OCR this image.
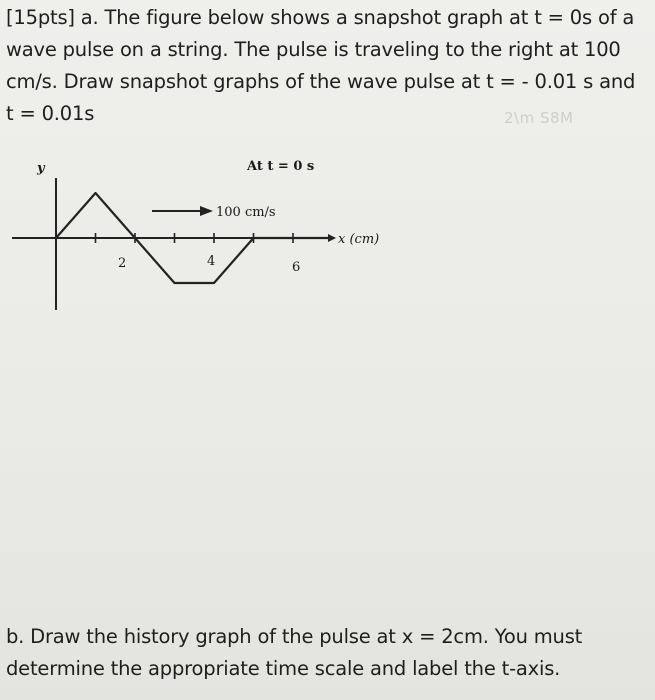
[15pts] a. The figure below shows a snapshot graph at t = 0s of a
wave pulse on a string. The pulse is traveling to the right at 100
cm/s. Draw snapshot graphs of the wave pulse at t = - 0.01 s and
t = 0.01s	2\m S8M
y
x (cm)
At t = 0 s
100 cm/s
2	4	6

b. Draw the history graph of the pulse at x = 2cm. You must
determine the appropriate time scale and label the t-axis.
